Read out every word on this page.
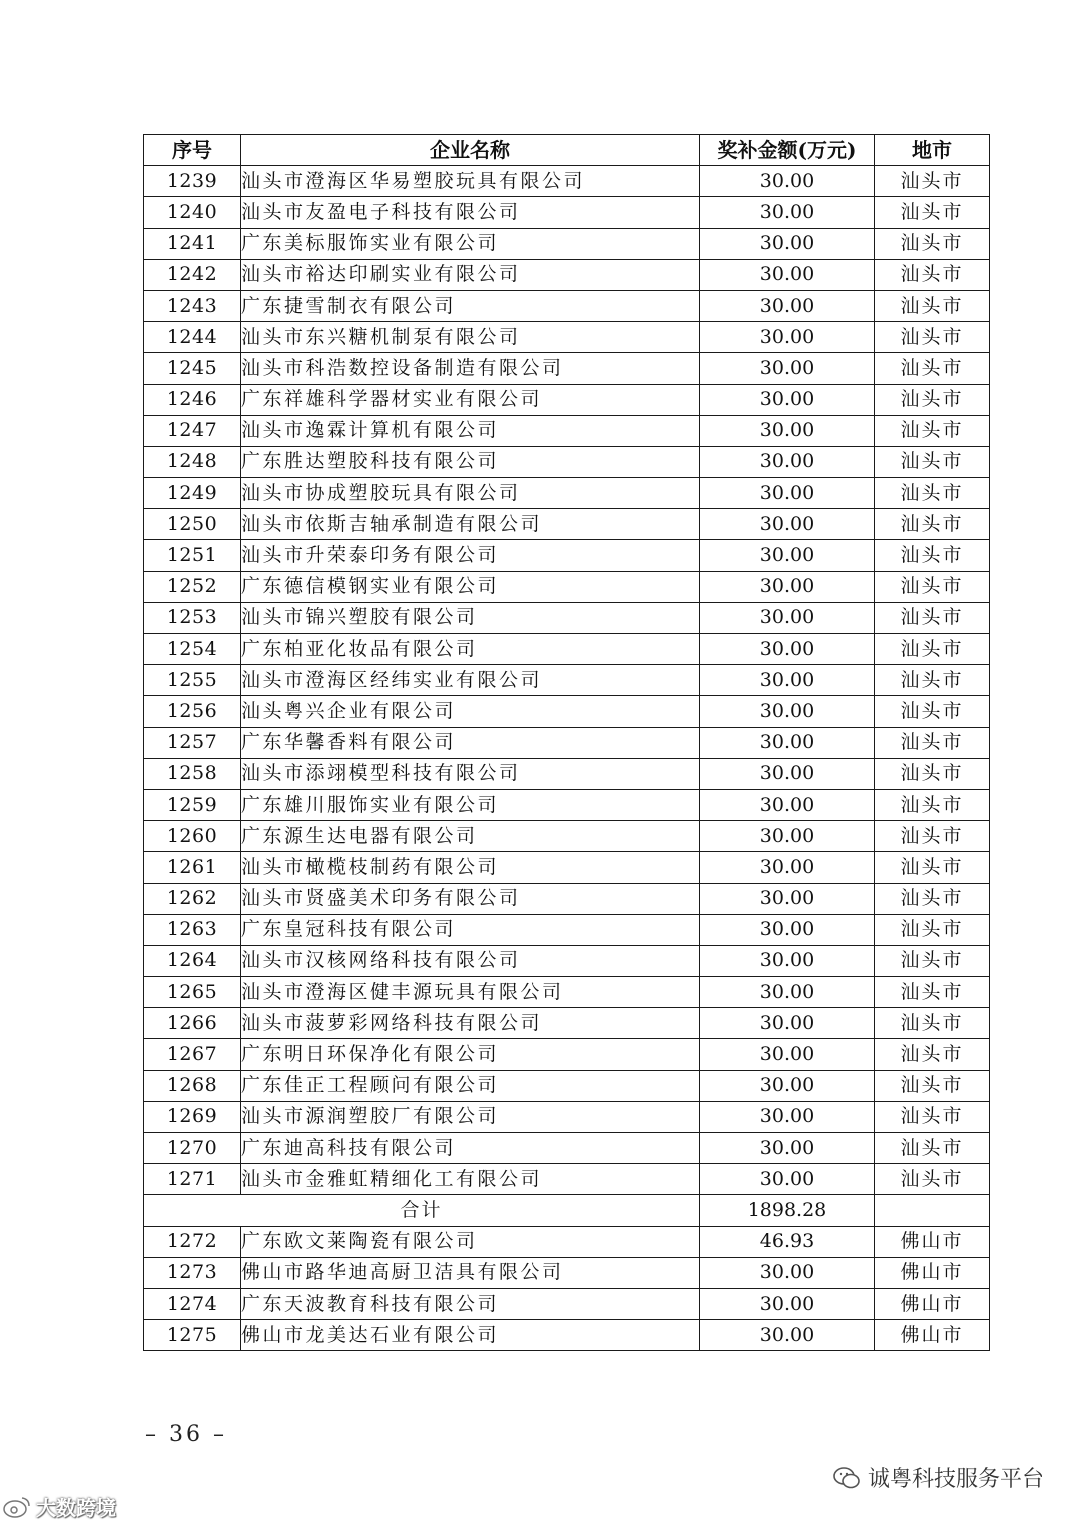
序号	企业名称	奖补金额(万元)	地市
1239	汕头市澄海区华易塑胶玩具有限公司	30.00	汕头市
1240	汕头市友盈电子科技有限公司	30.00	汕头市
1241	广东美标服饰实业有限公司	30.00	汕头市
1242	汕头市裕达印刷实业有限公司	30.00	汕头市
1243	广东捷雪制衣有限公司	30.00	汕头市
1244	汕头市东兴糖机制泵有限公司	30.00	汕头市
1245	汕头市科浩数控设备制造有限公司	30.00	汕头市
1246	广东祥雄科学器材实业有限公司	30.00	汕头市
1247	汕头市逸霖计算机有限公司	30.00	汕头市
1248	广东胜达塑胶科技有限公司	30.00	汕头市
1249	汕头市协成塑胶玩具有限公司	30.00	汕头市
1250	汕头市依斯吉轴承制造有限公司	30.00	汕头市
1251	汕头市升荣泰印务有限公司	30.00	汕头市
1252	广东德信模钢实业有限公司	30.00	汕头市
1253	汕头市锦兴塑胶有限公司	30.00	汕头市
1254	广东柏亚化妆品有限公司	30.00	汕头市
1255	汕头市澄海区经纬实业有限公司	30.00	汕头市
1256	汕头粤兴企业有限公司	30.00	汕头市
1257	广东华馨香料有限公司	30.00	汕头市
1258	汕头市添翊模型科技有限公司	30.00	汕头市
1259	广东雄川服饰实业有限公司	30.00	汕头市
1260	广东源生达电器有限公司	30.00	汕头市
1261	汕头市橄榄枝制药有限公司	30.00	汕头市
1262	汕头市贤盛美术印务有限公司	30.00	汕头市
1263	广东皇冠科技有限公司	30.00	汕头市
1264	汕头市汉核网络科技有限公司	30.00	汕头市
1265	汕头市澄海区健丰源玩具有限公司	30.00	汕头市
1266	汕头市菠萝彩网络科技有限公司	30.00	汕头市
1267	广东明日环保净化有限公司	30.00	汕头市
1268	广东佳正工程顾问有限公司	30.00	汕头市
1269	汕头市源润塑胶厂有限公司	30.00	汕头市
1270	广东迪高科技有限公司	30.00	汕头市
1271	汕头市金雅虹精细化工有限公司	30.00	汕头市
合计		1898.28	
1272	广东欧文莱陶瓷有限公司	46.93	佛山市
1273	佛山市路华迪高厨卫洁具有限公司	30.00	佛山市
1274	广东天波教育科技有限公司	30.00	佛山市
1275	佛山市龙美达石业有限公司	30.00	佛山市
– 36 –
大数跨境
诚粤科技服务平台
